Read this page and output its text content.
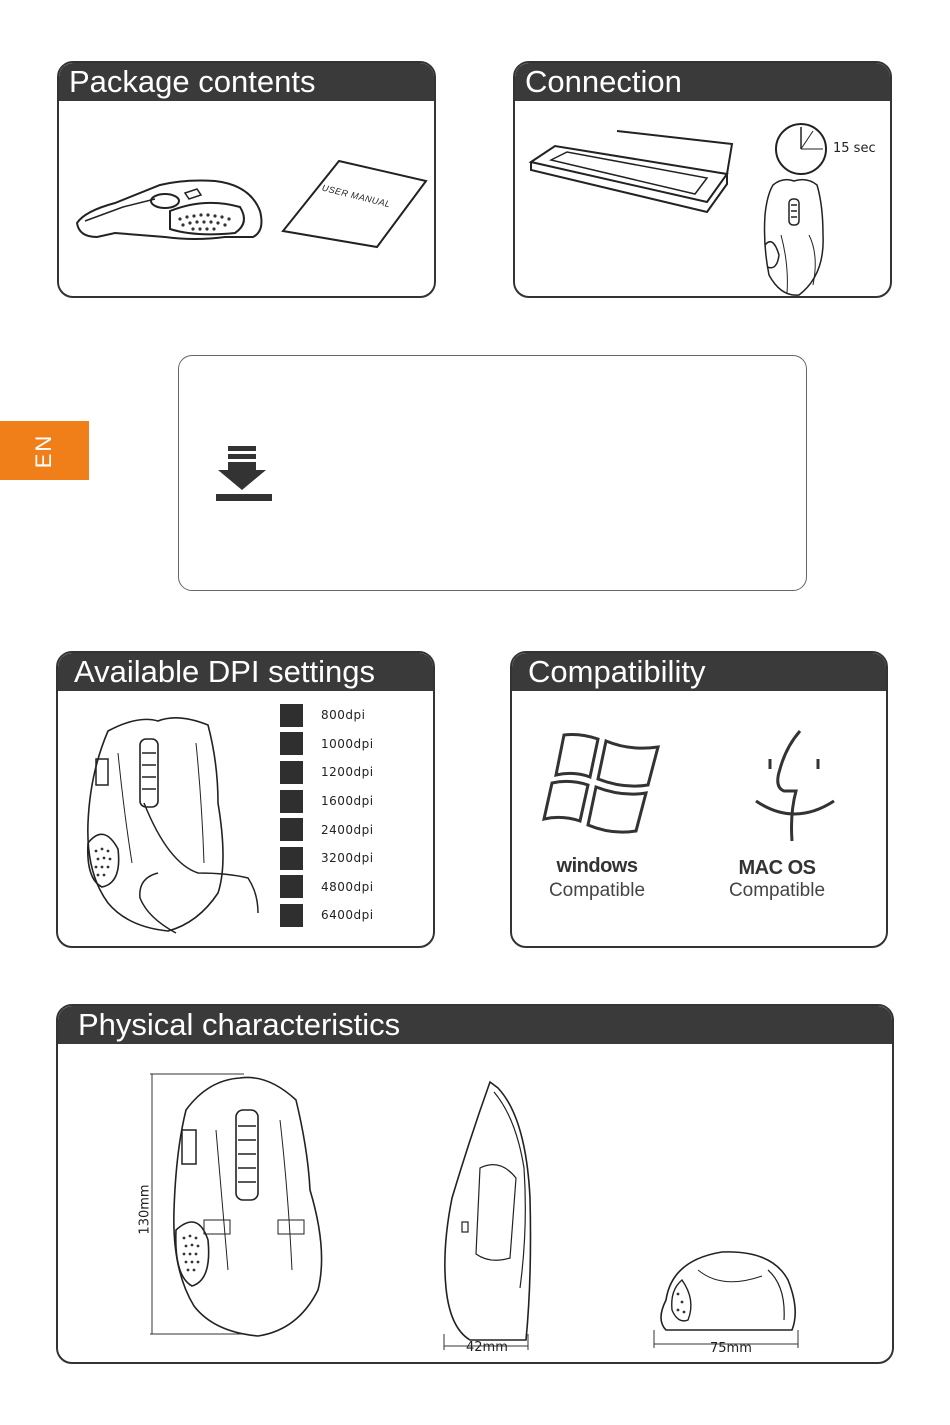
Package contents
USER MANUAL
Connection
15 sec
EN
Available DPI settings
800dpi
1000dpi
1200dpi
1600dpi
2400dpi
3200dpi
4800dpi
6400dpi
Compatibility
windows
Compatible
MAC OS
Compatible
Physical characteristics
130mm
42mm	75mm
